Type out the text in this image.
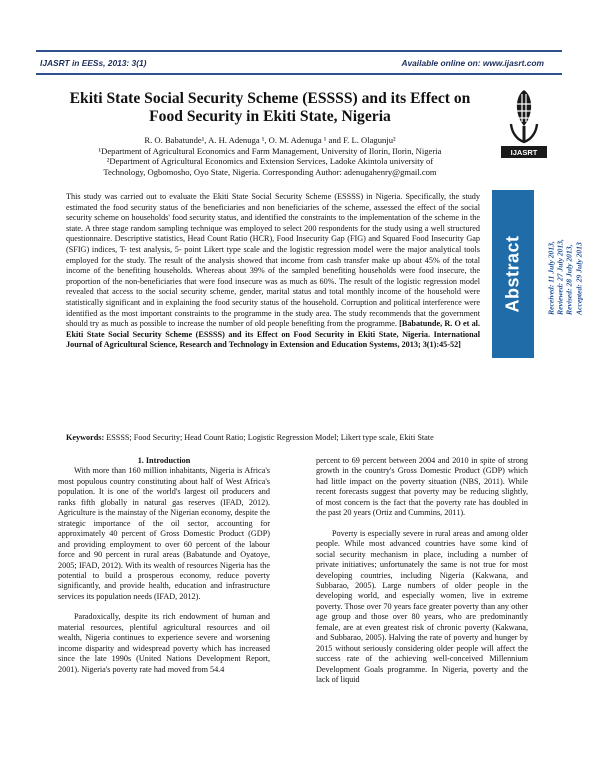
IJASRT in EESs, 2013: 3(1)	Available online on: www.ijasrt.com
Ekiti State Social Security Scheme (ESSSS) and its Effect on Food Security in Ekiti State, Nigeria

R. O. Babatunde¹, A. H. Adenuga ¹, O. M. Adenuga ¹ and F. L. Olagunju²

¹Department of Agricultural Economics and Farm Management, University of Ilorin, Ilorin, Nigeria

²Department of Agricultural Economics and Extension Services, Ladoke Akintola university of

Technology, Ogbomosho, Oyo State, Nigeria. Corresponding Author: adenugahenry@gmail.com

IJASRT
Abstract	Received: 11 July 2013, Reviewed: 27 July 2013, Revised: 28 July 2013, Accepted: 29 July 2013

This study was carried out to evaluate the Ekiti State Social Security Scheme (ESSSS) in Nigeria. Specifically, the study estimated the food security status of the beneficiaries and non beneficiaries of the scheme, assessed the effect of the social security scheme on households' food security status, and identified the constraints to the implementation of the scheme in the state. A three stage random sampling technique was employed to select 200 respondents for the study using a well structured questionnaire. Descriptive statistics, Head Count Ratio (HCR), Food Insecurity Gap (FIG) and Squared Food Insecurity Gap (SFIG) indices, T- test analysis, 5- point Likert type scale and the logistic regression model were the major analytical tools employed for the study. The result of the analysis showed that income from cash transfer make up about 45% of the total income of the benefiting households. Whereas about 39% of the sampled benefiting households were food insecure, the proportion of the non-beneficiaries that were food insecure was as much as 60%. The result of the logistic regression model revealed that access to the social security scheme, gender, marital status and total monthly income of the household were statistically significant and in explaining the food security status of the household. Corruption and political interference were identified as the most important constraints to the programme in the study area. The study recommends that the government should try as much as possible to increase the number of old people benefiting from the programme. [Babatunde, R. O et al. Ekiti State Social Security Scheme (ESSSS) and its Effect on Food Security in Ekiti State, Nigeria. International Journal of Agricultural Science, Research and Technology in Extension and Education Systems, 2013; 3(1):45-52]

Keywords: ESSSS; Food Security; Head Count Ratio; Logistic Regression Model; Likert type scale, Ekiti State

1. Introduction

With more than 160 million inhabitants, Nigeria is Africa's most populous country constituting about half of West Africa's population. It is one of the world's largest oil producers and ranks fifth globally in natural gas reserves (IFAD, 2012). Agriculture is the mainstay of the Nigerian economy, despite the strategic importance of the oil sector, accounting for approximately 40 percent of Gross Domestic Product (GDP) and providing employment to over 60 percent of the labour force and 90 percent in rural areas (Babatunde and Oyatoye, 2005; IFAD, 2012). With its wealth of resources Nigeria has the potential to build a prosperous economy, reduce poverty significantly, and provide health, education and infrastructure services its population needs (IFAD, 2012).

Paradoxically, despite its rich endowment of human and material resources, plentiful agricultural resources and oil wealth, Nigeria continues to experience severe and worsening income disparity and widespread poverty which has increased since the late 1990s (United Nations Development Report, 2001). Nigeria's poverty rate had moved from 54.4

percent to 69 percent between 2004 and 2010 in spite of strong growth in the country's Gross Domestic Product (GDP) which had little impact on the poverty situation (NBS, 2011). While recent forecasts suggest that poverty may be reducing slightly, of most concern is the fact that the poverty rate has doubled in the past 20 years (Ortiz and Cummins, 2011).

Poverty is especially severe in rural areas and among older people. While most advanced countries have some kind of social security mechanism in place, including a number of private initiatives; unfortunately the same is not true for most developing countries, including Nigeria (Kakwana, and Subbarao, 2005). Large numbers of older people in the developing world, and especially women, live in extreme poverty. Those over 70 years face greater poverty than any other age group and those over 80 years, who are predominantly female, are at even greatest risk of chronic poverty (Kakwana, and Subbarao, 2005). Halving the rate of poverty and hunger by 2015 without seriously considering older people will affect the success rate of the achieving well-conceived Millennium Development Goals programme. In Nigeria, poverty and the lack of liquid
